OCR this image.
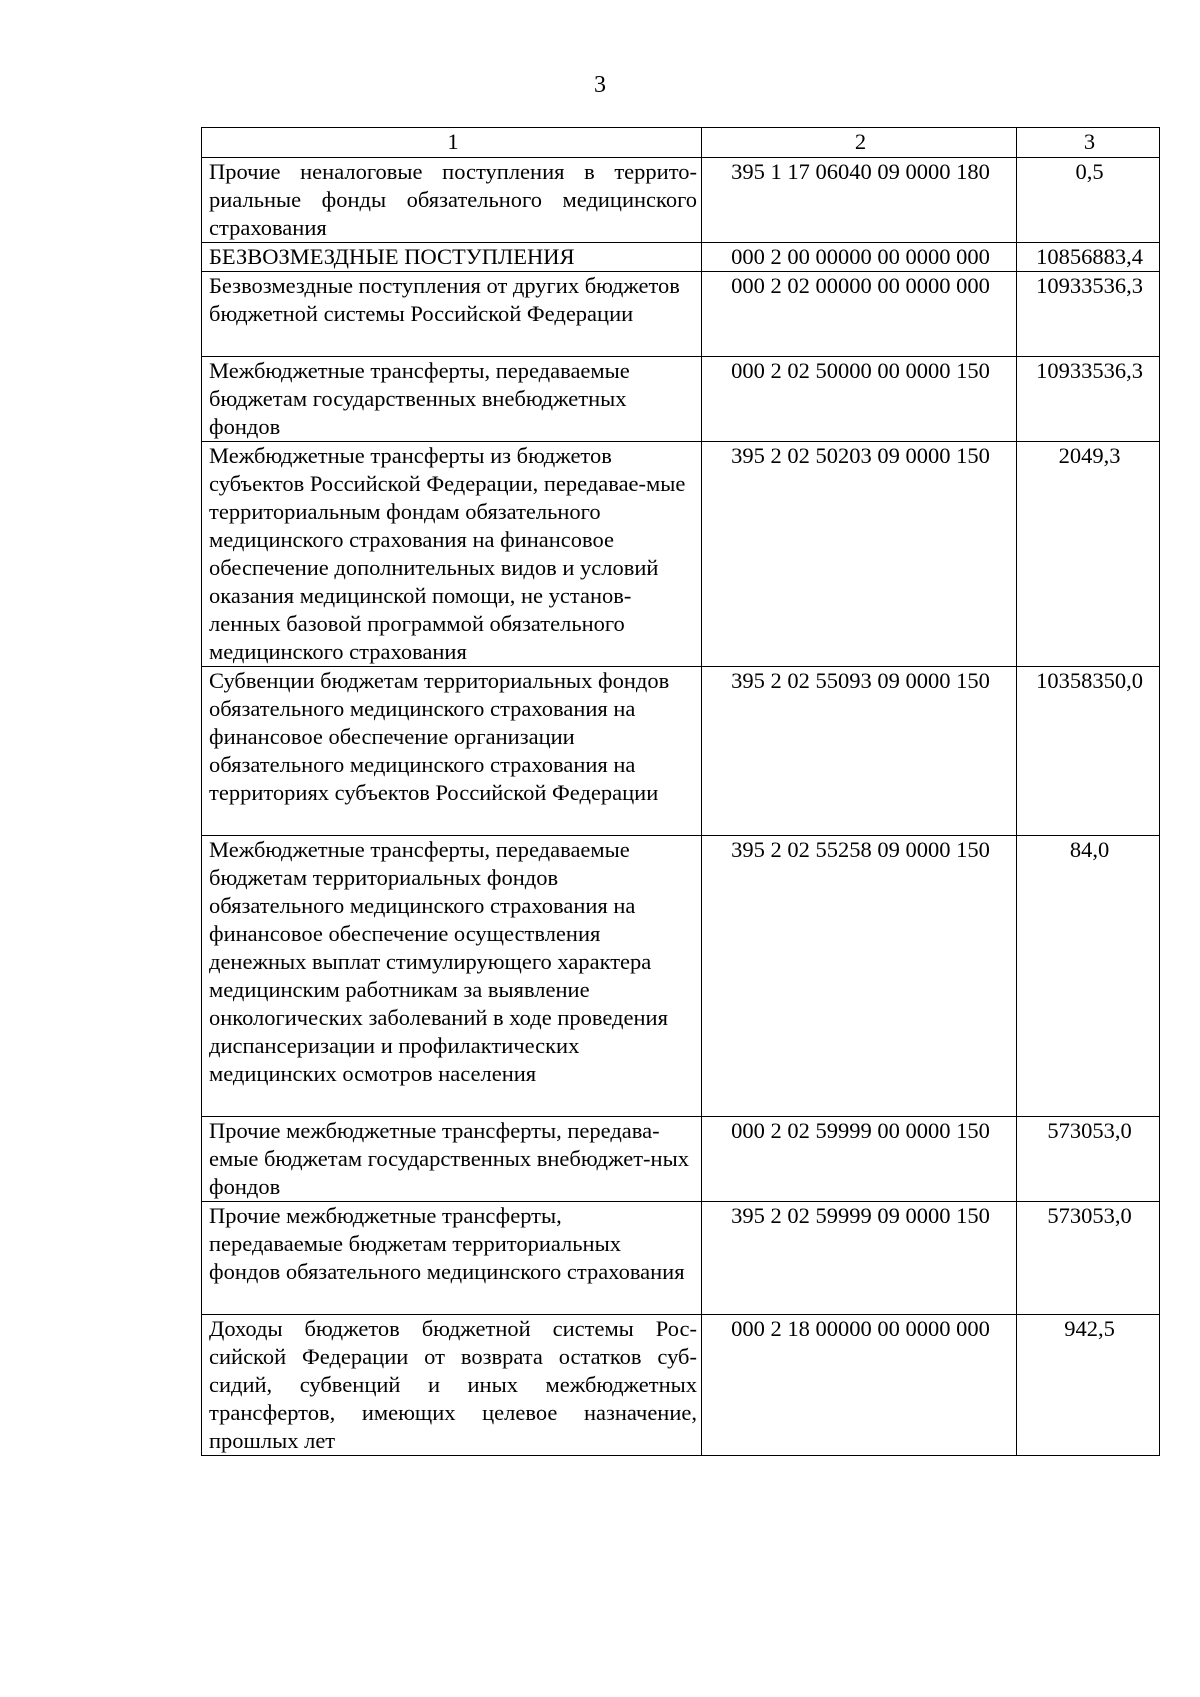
3
1	2	3
Прочие неналоговые поступления в террито-риальные фонды обязательного медицинского страхования	395 1 17 06040 09 0000 180	0,5
БЕЗВОЗМЕЗДНЫЕ ПОСТУПЛЕНИЯ	000 2 00 00000 00 0000 000	10856883,4
Безвозмездные поступления от других бюджетов бюджетной системы Российской Федерации	000 2 02 00000 00 0000 000	10933536,3
Межбюджетные трансферты, передаваемые бюджетам государственных внебюджетных фондов	000 2 02 50000 00 0000 150	10933536,3
Межбюджетные трансферты из бюджетов субъектов Российской Федерации, передавае-мые территориальным фондам обязательного медицинского страхования на финансовое обеспечение дополнительных видов и условий оказания медицинской помощи, не установ-ленных базовой программой обязательного медицинского страхования	395 2 02 50203 09 0000 150	2049,3
Субвенции бюджетам территориальных фондов обязательного медицинского страхования на финансовое обеспечение организации обязательного медицинского страхования на территориях субъектов Российской Федерации	395 2 02 55093 09 0000 150	10358350,0
Межбюджетные трансферты, передаваемые бюджетам территориальных фондов обязательного медицинского страхования на финансовое обеспечение осуществления денежных выплат стимулирующего характера медицинским работникам за выявление онкологических заболеваний в ходе проведения диспансеризации и профилактических медицинских осмотров населения	395 2 02 55258 09 0000 150	84,0
Прочие межбюджетные трансферты, передава-емые бюджетам государственных внебюджет-ных фондов	000 2 02 59999 00 0000 150	573053,0
Прочие межбюджетные трансферты, передаваемые бюджетам территориальных фондов обязательного медицинского страхования	395 2 02 59999 09 0000 150	573053,0
Доходы бюджетов бюджетной системы Рос-сийской Федерации от возврата остатков суб-сидий, субвенций и иных межбюджетных трансфертов, имеющих целевое назначение, прошлых лет	000 2 18 00000 00 0000 000	942,5
